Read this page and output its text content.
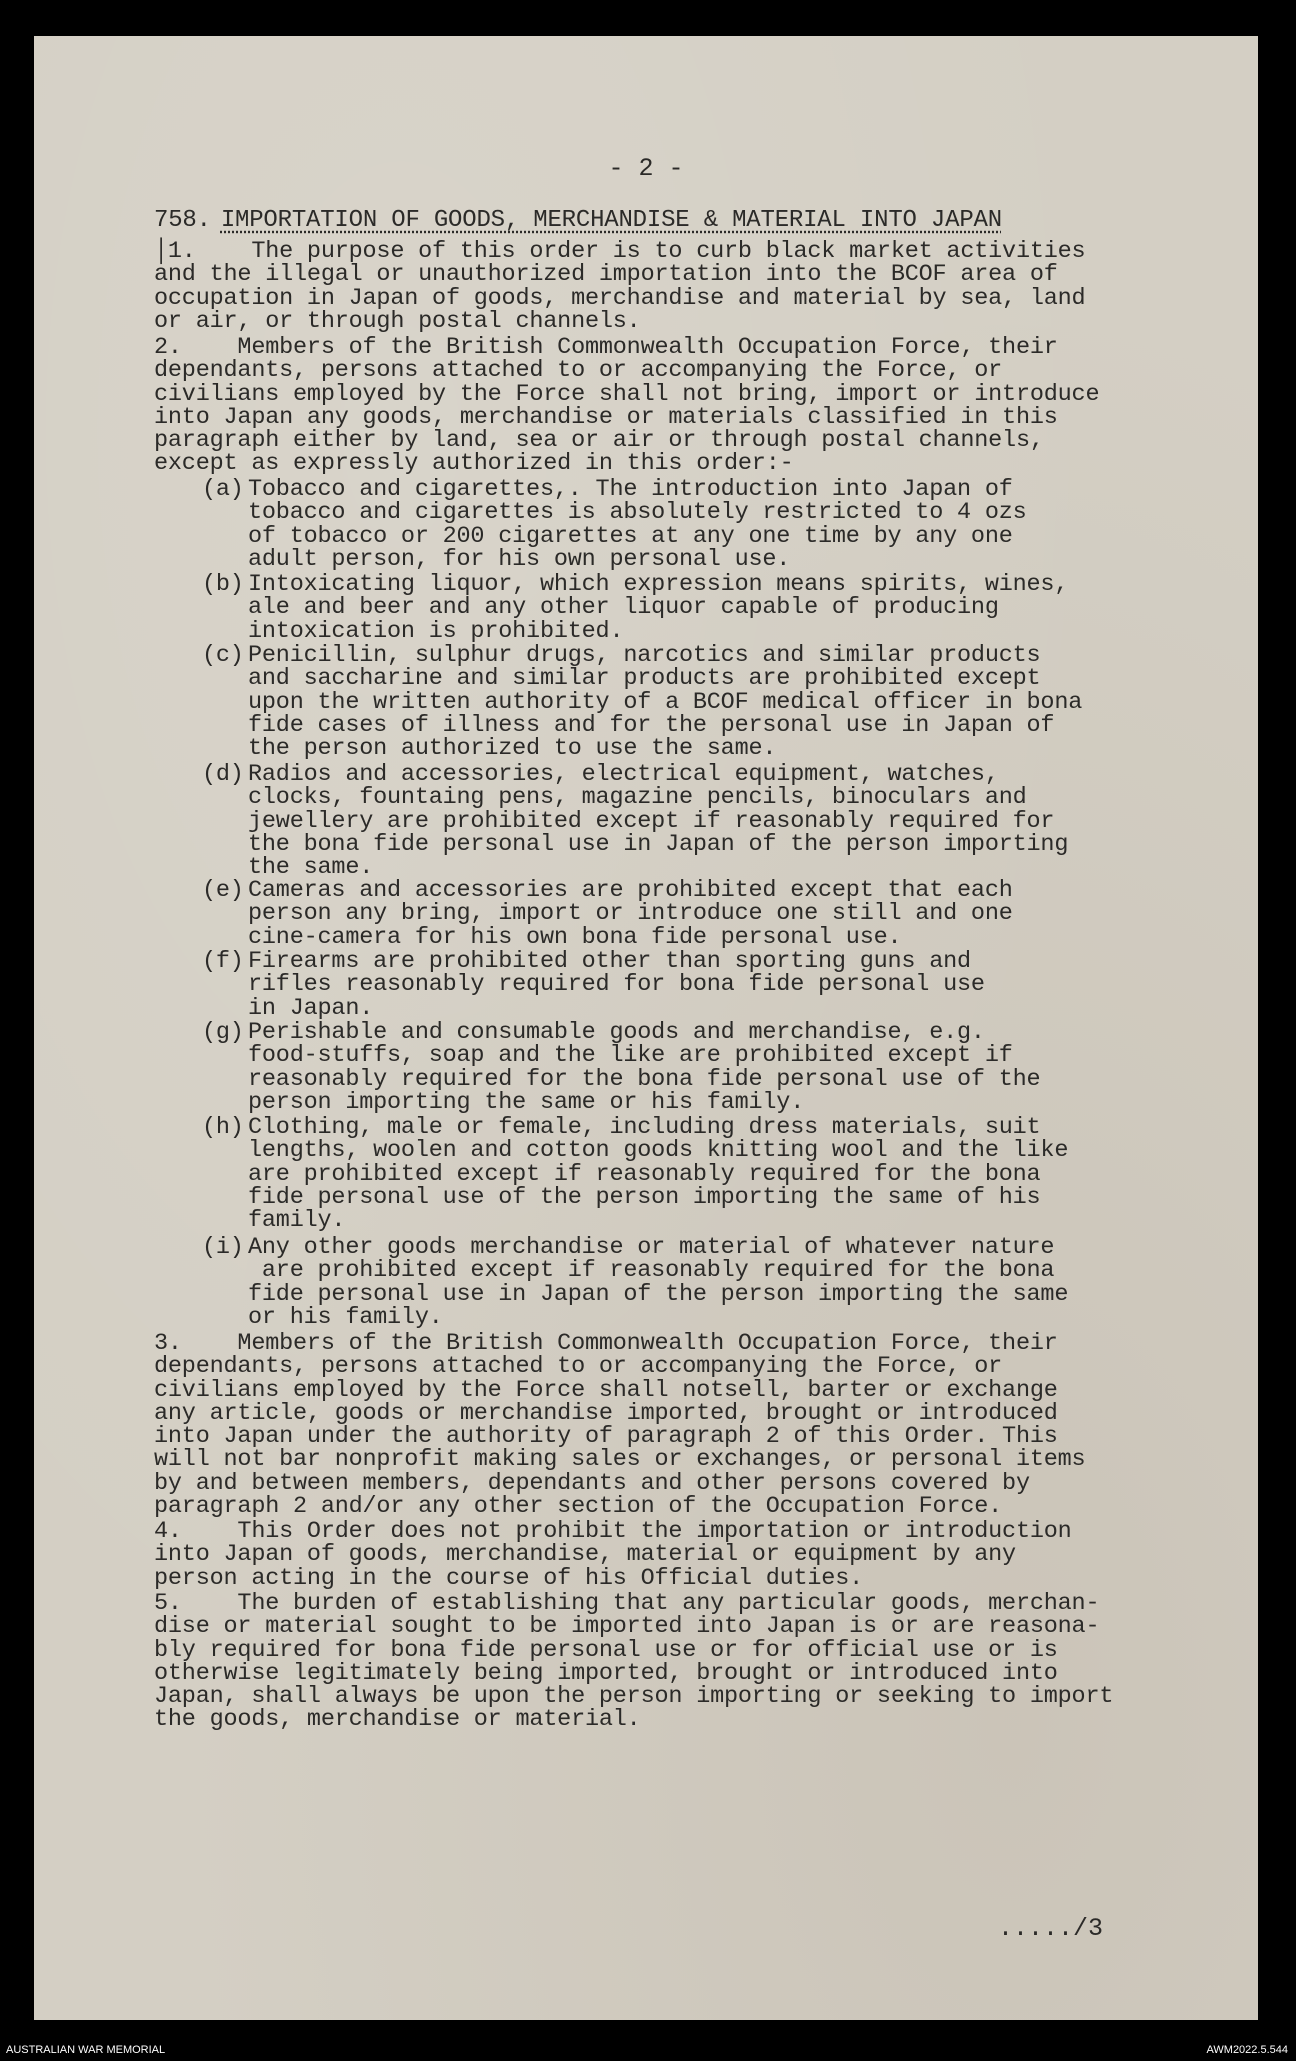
- 2 -
758. IMPORTATION OF GOODS, MERCHANDISE & MATERIAL INTO JAPAN
│1.    The purpose of this order is to curb black market activities
and the illegal or unauthorized importation into the BCOF area of
occupation in Japan of goods, merchandise and material by sea, land
or air, or through postal channels.
2.    Members of the British Commonwealth Occupation Force, their
dependants, persons attached to or accompanying the Force, or
civilians employed by the Force shall not bring, import or introduce
into Japan any goods, merchandise or materials classified in this
paragraph either by land, sea or air or through postal channels,
except as expressly authorized in this order:-
(a) Tobacco and cigarettes,. The introduction into Japan of
tobacco and cigarettes is absolutely restricted to 4 ozs
of tobacco or 200 cigarettes at any one time by any one
adult person, for his own personal use.
(b) Intoxicating liquor, which expression means spirits, wines,
ale and beer and any other liquor capable of producing
intoxication is prohibited.
(c) Penicillin, sulphur drugs, narcotics and similar products
and saccharine and similar products are prohibited except
upon the written authority of a BCOF medical officer in bona
fide cases of illness and for the personal use in Japan of
the person authorized to use the same.
(d) Radios and accessories, electrical equipment, watches,
clocks, fountaing pens, magazine pencils, binoculars and
jewellery are prohibited except if reasonably required for
the bona fide personal use in Japan of the person importing
the same.
(e) Cameras and accessories are prohibited except that each
person any bring, import or introduce one still and one
cine-camera for his own bona fide personal use.
(f) Firearms are prohibited other than sporting guns and
rifles reasonably required for bona fide personal use
in Japan.
(g) Perishable and consumable goods and merchandise, e.g.
food-stuffs, soap and the like are prohibited except if
reasonably required for the bona fide personal use of the
person importing the same or his family.
(h) Clothing, male or female, including dress materials, suit
lengths, woolen and cotton goods knitting wool and the like
are prohibited except if reasonably required for the bona
fide personal use of the person importing the same of his
family.
(i) Any other goods merchandise or material of whatever nature
are prohibited except if reasonably required for the bona
fide personal use in Japan of the person importing the same
or his family.
3.    Members of the British Commonwealth Occupation Force, their
dependants, persons attached to or accompanying the Force, or
civilians employed by the Force shall notsell, barter or exchange
any article, goods or merchandise imported, brought or introduced
into Japan under the authority of paragraph 2 of this Order. This
will not bar nonprofit making sales or exchanges, or personal items
by and between members, dependants and other persons covered by
paragraph 2 and/or any other section of the Occupation Force.
4.    This Order does not prohibit the importation or introduction
into Japan of goods, merchandise, material or equipment by any
person acting in the course of his Official duties.
5.    The burden of establishing that any particular goods, merchan-
dise or material sought to be imported into Japan is or are reasona-
bly required for bona fide personal use or for official use or is
otherwise legitimately being imported, brought or introduced into
Japan, shall always be upon the person importing or seeking to import
the goods, merchandise or material.
...../3
AUSTRALIAN WAR MEMORIAL	AWM2022.5.544
